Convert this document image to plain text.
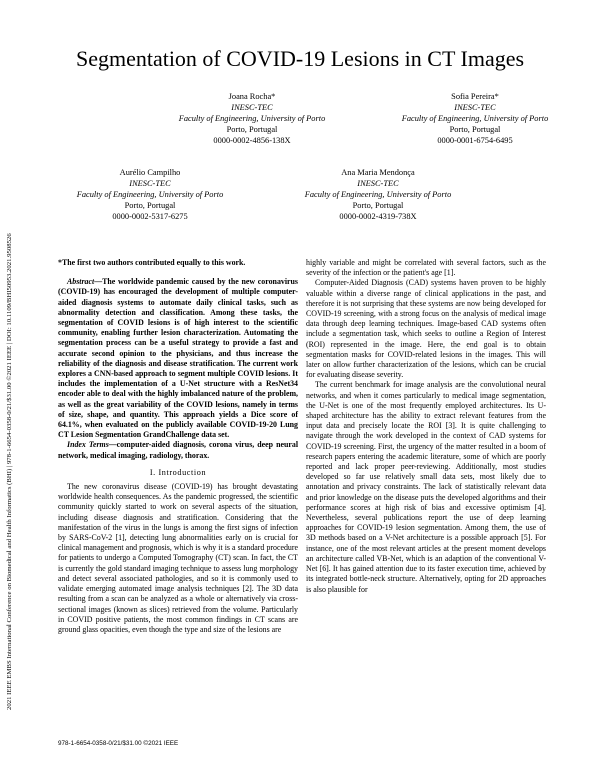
2021 IEEE EMBS International Conference on Biomedical and Health Informatics (BHI) | 978-1-6654-0358-0/21/$31.00 ©2021 IEEE | DOI: 10.1109/BHI50953.2021.9508526
Segmentation of COVID-19 Lesions in CT Images
Joana Rocha*
INESC-TEC
Faculty of Engineering, University of Porto
Porto, Portugal
0000-0002-4856-138X
Sofia Pereira*
INESC-TEC
Faculty of Engineering, University of Porto
Porto, Portugal
0000-0001-6754-6495
Aurélio Campilho
INESC-TEC
Faculty of Engineering, University of Porto
Porto, Portugal
0000-0002-5317-6275
Ana Maria Mendonça
INESC-TEC
Faculty of Engineering, University of Porto
Porto, Portugal
0000-0002-4319-738X

*The first two authors contributed equally to this work.

Abstract—The worldwide pandemic caused by the new coronavirus (COVID-19) has encouraged the development of multiple computer-aided diagnosis systems to automate daily clinical tasks, such as abnormality detection and classification. Among these tasks, the segmentation of COVID lesions is of high interest to the scientific community, enabling further lesion characterization. Automating the segmentation process can be a useful strategy to provide a fast and accurate second opinion to the physicians, and thus increase the reliability of the diagnosis and disease stratification. The current work explores a CNN-based approach to segment multiple COVID lesions. It includes the implementation of a U-Net structure with a ResNet34 encoder able to deal with the highly imbalanced nature of the problem, as well as the great variability of the COVID lesions, namely in terms of size, shape, and quantity. This approach yields a Dice score of 64.1%, when evaluated on the publicly available COVID-19-20 Lung CT Lesion Segmentation GrandChallenge data set.

Index Terms—computer-aided diagnosis, corona virus, deep neural network, medical imaging, radiology, thorax.

I. Introduction

The new coronavirus disease (COVID-19) has brought devastating worldwide health consequences. As the pandemic progressed, the scientific community quickly started to work on several aspects of the situation, including disease diagnosis and stratification. Considering that the manifestation of the virus in the lungs is among the first signs of infection by SARS-CoV-2 [1], detecting lung abnormalities early on is crucial for clinical management and prognosis, which is why it is a standard procedure for patients to undergo a Computed Tomography (CT) scan. In fact, the CT is currently the gold standard imaging technique to assess lung morphology and detect several associated pathologies, and so it is commonly used to validate emerging automated image analysis techniques [2]. The 3D data resulting from a scan can be analyzed as a whole or alternatively via cross-sectional images (known as slices) retrieved from the volume. Particularly in COVID positive patients, the most common findings in CT scans are ground glass opacities, even though the type and size of the lesions are

highly variable and might be correlated with several factors, such as the severity of the infection or the patient's age [1].

Computer-Aided Diagnosis (CAD) systems haven proven to be highly valuable within a diverse range of clinical applications in the past, and therefore it is not surprising that these systems are now being developed for COVID-19 screening, with a strong focus on the analysis of medical image data through deep learning techniques. Image-based CAD systems often include a segmentation task, which seeks to outline a Region of Interest (ROI) represented in the image. Here, the end goal is to obtain segmentation masks for COVID-related lesions in the images. This will later on allow further characterization of the lesions, which can be crucial for evaluating disease severity.

The current benchmark for image analysis are the convolutional neural networks, and when it comes particularly to medical image segmentation, the U-Net is one of the most frequently employed architectures. Its U-shaped architecture has the ability to extract relevant features from the input data and precisely locate the ROI [3]. It is quite challenging to navigate through the work developed in the context of CAD systems for COVID-19 screening. First, the urgency of the matter resulted in a boom of research papers entering the academic literature, some of which are poorly reported and lack proper peer-reviewing. Additionally, most studies developed so far use relatively small data sets, most likely due to annotation and privacy constraints. The lack of statistically relevant data and prior knowledge on the disease puts the developed algorithms and their performance scores at high risk of bias and excessive optimism [4]. Nevertheless, several publications report the use of deep learning approaches for COVID-19 lesion segmentation. Among them, the use of 3D methods based on a V-Net architecture is a possible approach [5]. For instance, one of the most relevant articles at the present moment develops an architecture called VB-Net, which is an adaption of the conventional V-Net [6]. It has gained attention due to its faster execution time, achieved by its integrated bottle-neck structure. Alternatively, opting for 2D approaches is also plausible for

978-1-6654-0358-0/21/$31.00 ©2021 IEEE
